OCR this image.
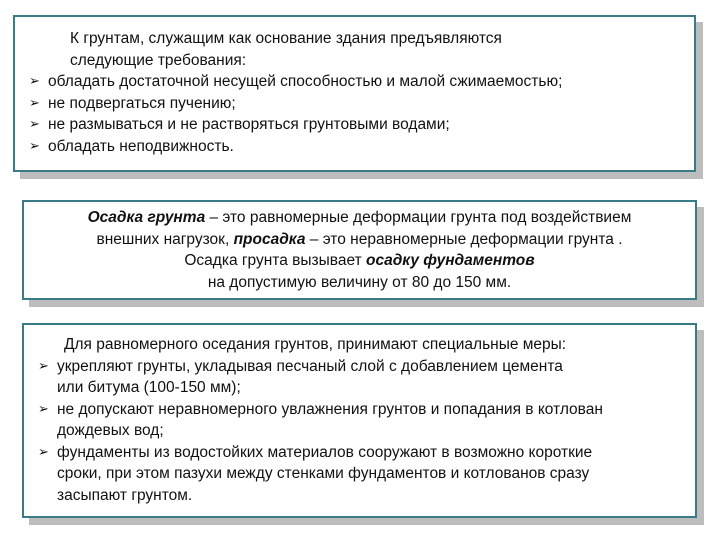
К грунтам, служащим как основание здания предъявляются
следующие требования:
➢ обладать достаточной несущей способностью и малой сжимаемостью;
➢ не подвергаться пучению;
➢ не размываться и не растворяться грунтовыми водами;
➢ обладать неподвижность.
Осадка грунта – это равномерные деформации грунта под воздействием
внешних нагрузок, просадка – это неравномерные деформации грунта .
Осадка грунта вызывает осадку фундаментов
на допустимую величину от 80 до 150 мм.
Для равномерного оседания грунтов, принимают специальные меры:
➢ укрепляют грунты, укладывая песчаный слой с добавлением цемента
или битума (100-150 мм);
➢ не допускают неравномерного увлажнения грунтов и попадания в котлован
дождевых вод;
➢ фундаменты из водостойких материалов сооружают в возможно короткие
сроки, при этом пазухи между стенками фундаментов и котлованов сразу
засыпают грунтом.
